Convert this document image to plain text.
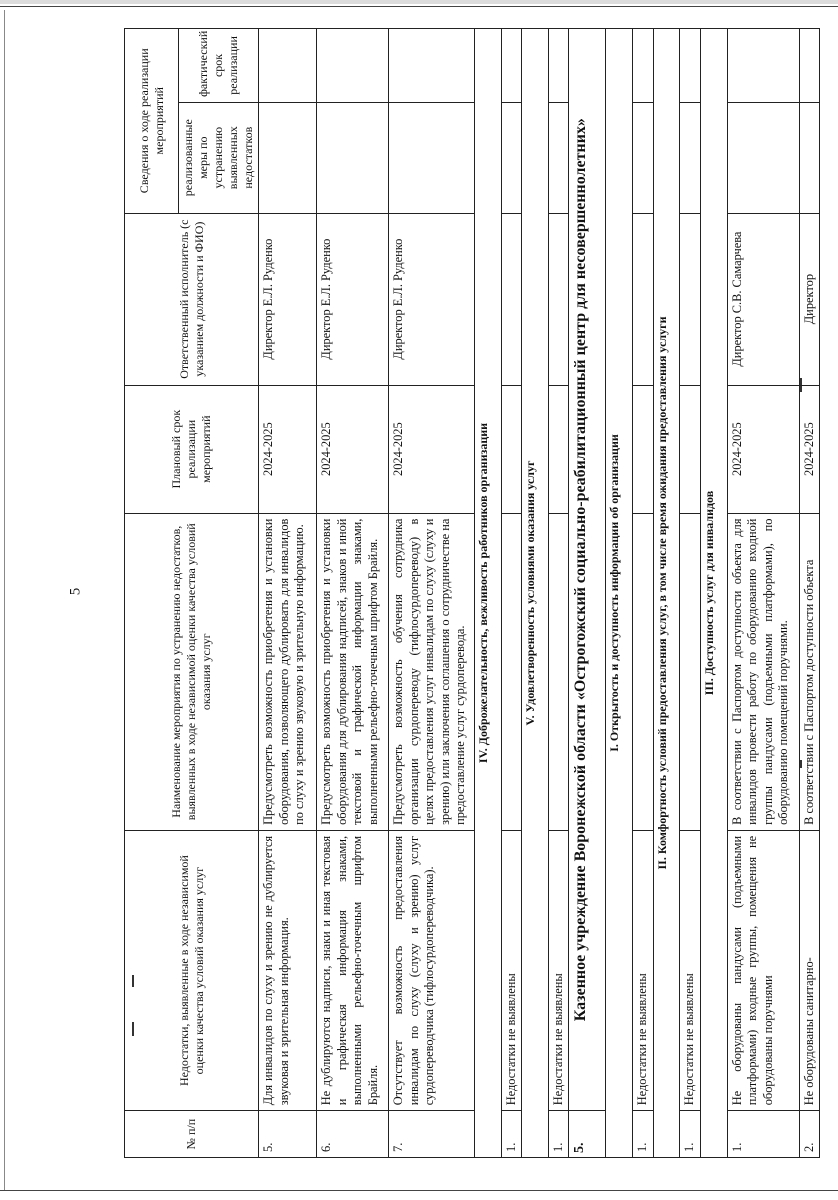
5
№ п/п	Недостатки, выявленные в ходе независимой оценки качества условий оказания услуг	Наименование мероприятия по устранению недостатков, выявленных в ходе независимой оценки качества условий оказания услуг	Плановый срок реализации мероприятий	Ответственный исполнитель (с указанием должности и ФИО)	Сведения о ходе реализации мероприятий	
					реализованные меры по устранению выявленных недостатков	фактический срок реализации
5.	Для инвалидов по слуху и зрению не дублируется звуковая и зрительная информация.	Предусмотреть возможность приобретения и установки оборудования, позволяющего дублировать для инвалидов по слуху и зрению звуковую и зрительную информацию.	2024-2025	Директор Е.Л. Руденко		
6.	Не дублируются надписи, знаки и иная текстовая и графическая информация знаками, выполненными рельефно-точечным шрифтом Брайля.	Предусмотреть возможность приобретения и установки оборудования для дублирования надписей, знаков и иной текстовой и графической информации знаками, выполненными рельефно-точечным шрифтом Брайля.	2024-2025	Директор Е.Л. Руденко		
7.	Отсутствует возможность предоставления инвалидам по слуху (слуху и зрению) услуг сурдопереводчика (тифлосурдопереводчика).	Предусмотреть возможность обучения сотрудника организации сурдопереводу (тифлосурдопереводу) в целях предоставления услуг инвалидам по слуху (слуху и зрению) или заключения соглашения о сотрудничестве на предоставление услуг сурдоперевода.	2024-2025	Директор Е.Л. Руденко		
IV. Доброжелательность, вежливость работников организации						
1.	Недостатки не выявлены					
V. Удовлетворенность условиями оказания услуг						
1.	Недостатки не выявлены					
5.	Казенное учреждение Воронежской области «Острогожский социально-реабилитационный центр для несовершеннолетних»					
I. Открытость и доступность информации об организации						
1.	Недостатки не выявлены					
II. Комфортность условий предоставления услуг, в том числе время ожидания предоставления услуги						
1.	Недостатки не выявлены					
III. Доступность услуг для инвалидов						
1.	Не оборудованы пандусами (подъемными платформами) входные группы, помещения не оборудованы поручнями	В соответствии с Паспортом доступности объекта для инвалидов провести работу по оборудованию входной группы пандусами (подъемными платформами), по оборудованию помещений поручнями.	2024-2025	Директор С.В. Самарчева		
2.	Не оборудованы санитарно-	В соответствии с Паспортом доступности объекта	2024-2025	Директор		
